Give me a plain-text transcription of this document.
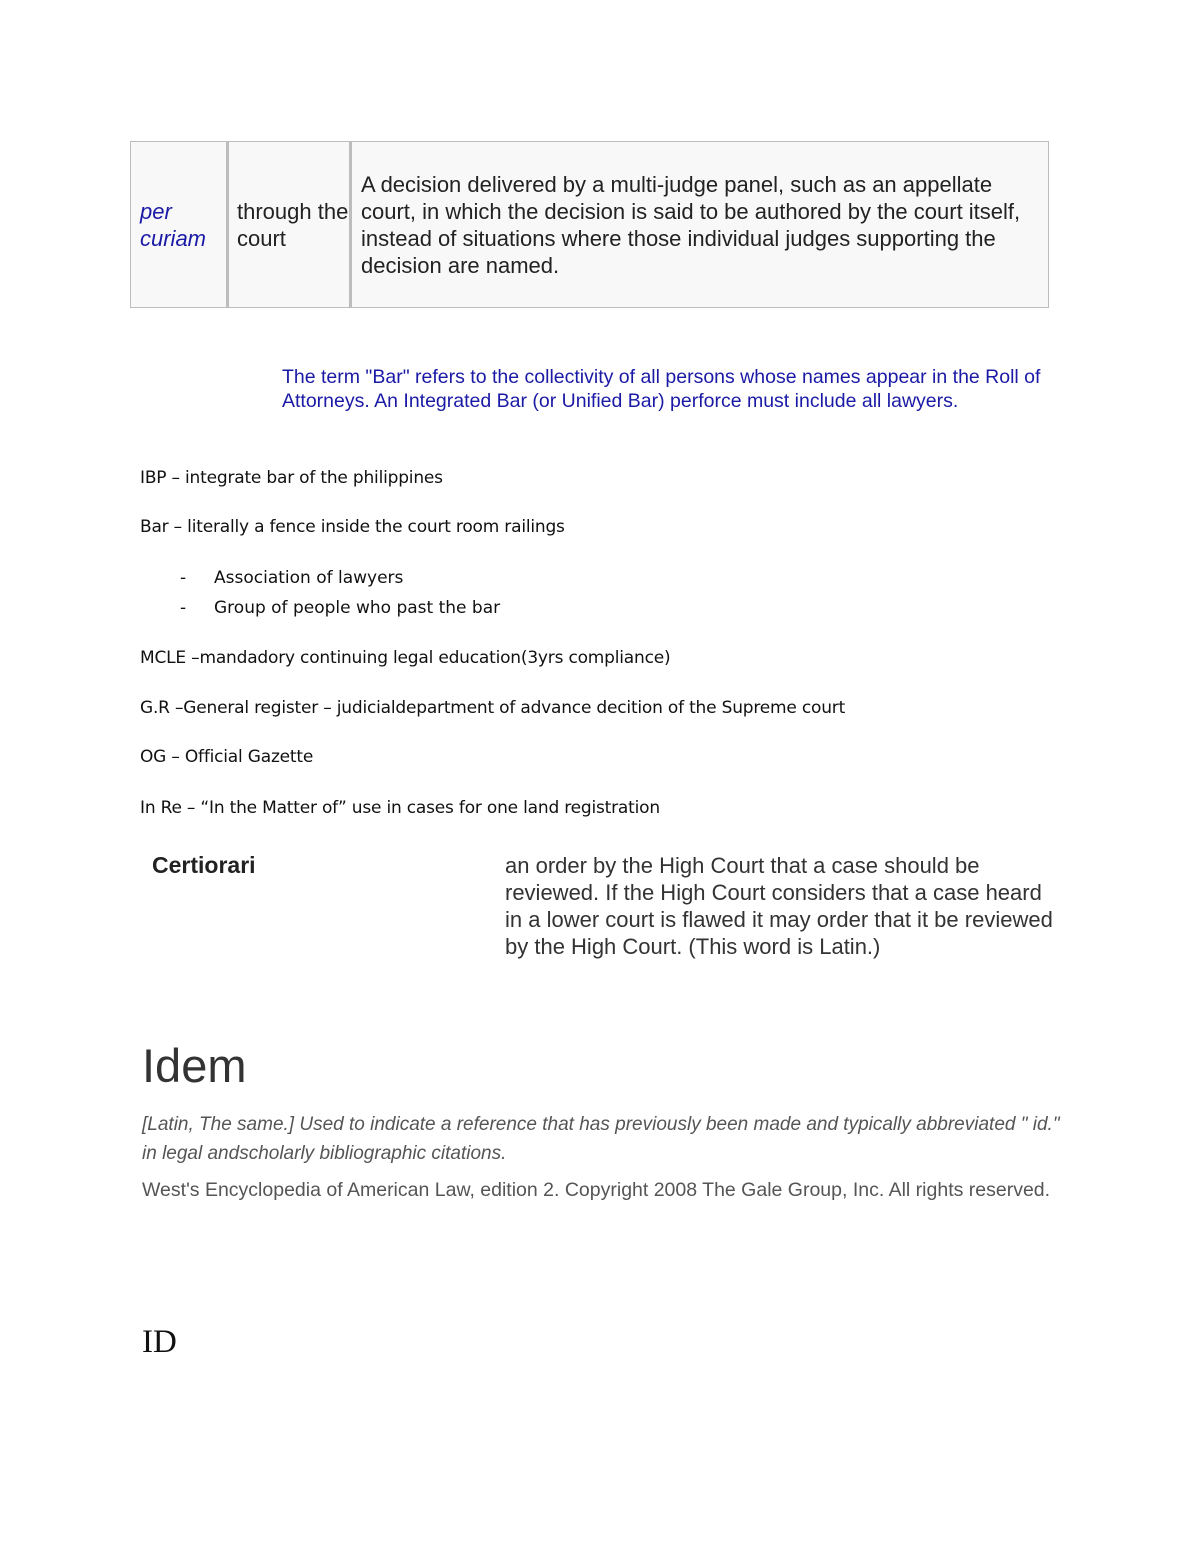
per curiam
through the court
A decision delivered by a multi-judge panel, such as an appellate court, in which the decision is said to be authored by the court itself, instead of situations where those individual judges supporting the decision are named.
The term "Bar" refers to the collectivity of all persons whose names appear in the Roll of Attorneys. An Integrated Bar (or Unified Bar) perforce must include all lawyers.
IBP – integrate bar of the philippines
Bar – literally a fence inside the court room railings
- Association of lawyers
- Group of people who past the bar
MCLE –mandadory continuing legal education(3yrs compliance)
G.R –General register – judicialdepartment of advance decition of the Supreme court
OG – Official Gazette
In Re – “In the Matter of” use in cases for one land registration
Certiorari	an order by the High Court that a case should be reviewed. If the High Court considers that a case heard in a lower court is flawed it may order that it be reviewed by the High Court. (This word is Latin.)
Idem
[Latin, The same.] Used to indicate a reference that has previously been made and typically abbreviated " id." in legal andscholarly bibliographic citations.
West's Encyclopedia of American Law, edition 2. Copyright 2008 The Gale Group, Inc. All rights reserved.
ID
